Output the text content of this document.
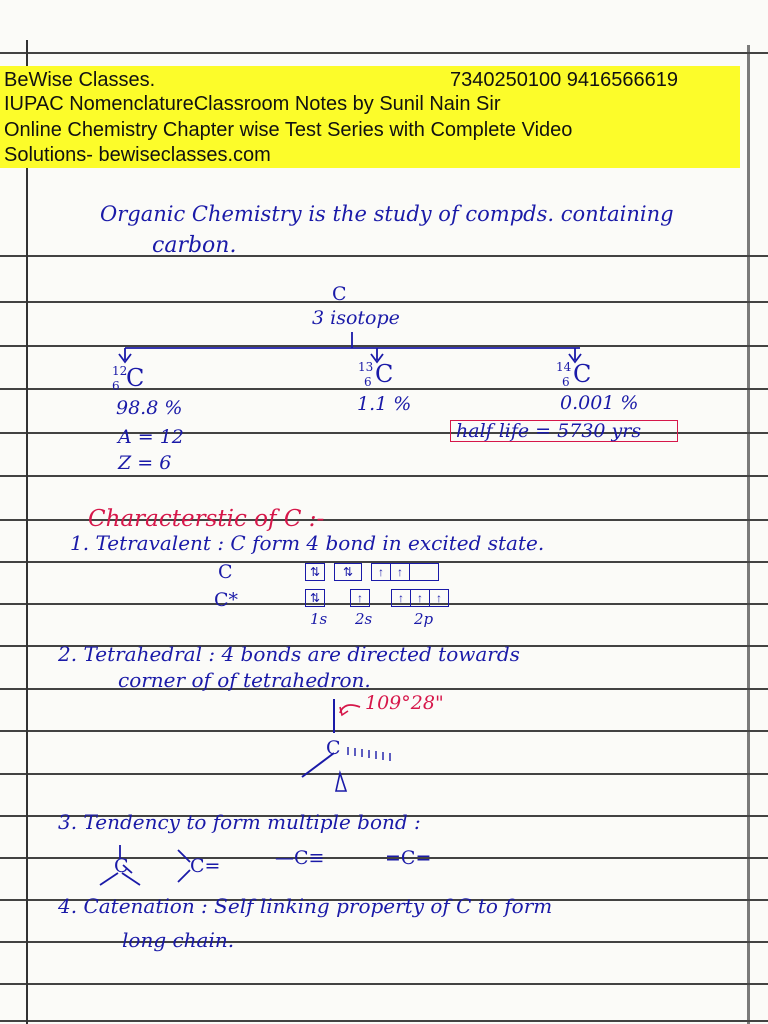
BeWise Classes.	7340250100 9416566619
IUPAC NomenclatureClassroom Notes by Sunil Nain Sir
Online Chemistry Chapter wise Test Series with Complete Video
Solutions- bewiseclasses.com
Organic Chemistry is the study of compds. containing
carbon.
C
3 isotope
12
6 C	13
6 C	14
6 C
98.8 %	1.1 %	0.001 %
A = 12
Z = 6
half life = 5730 yrs
Characterstic of C :-
1. Tetravalent : C form 4 bond in excited state.
C	⇅	⇅	↑	↑
C*	⇅	↑	↑	↑	↑
1s 2s	2p
2. Tetrahedral : 4 bonds are directed towards
corner of of tetrahedron.
C
109°28"
3. Tendency to form multiple bond :
C	C=	—C≡	=C=
4. Catenation : Self linking property of C to form
long chain.
